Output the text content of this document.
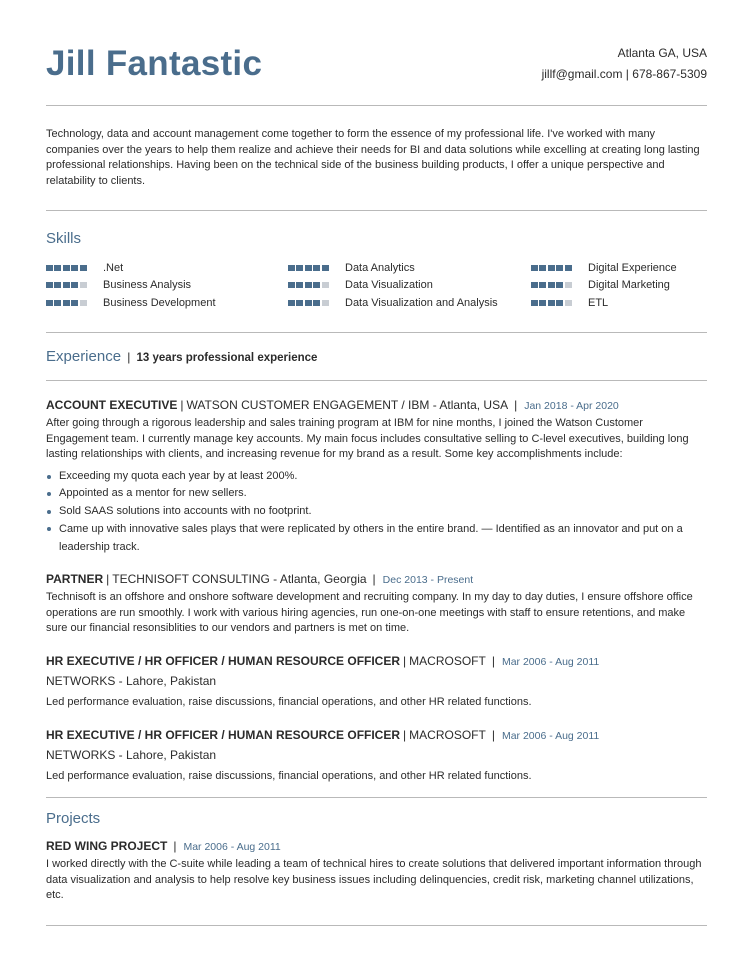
Jill Fantastic	Atlanta GA, USA
jillf@gmail.com | 678-867-5309
Technology, data and account management come together to form the essence of my professional life. I've worked with many companies over the years to help them realize and achieve their needs for BI and data solutions while excelling at creating long lasting professional relationships. Having been on the technical side of the business building products, I offer a unique perspective and relatability to clients.
Skills
.Net
Business Analysis
Business Development
Data Analytics
Data Visualization
Data Visualization and Analysis
Digital Experience
Digital Marketing
ETL
Experience | 13 years professional experience
ACCOUNT EXECUTIVE | WATSON CUSTOMER ENGAGEMENT / IBM - Atlanta, USA | Jan 2018 - Apr 2020
After going through a rigorous leadership and sales training program at IBM for nine months, I joined the Watson Customer Engagement team. I currently manage key accounts. My main focus includes consultative selling to C-level executives, building long lasting relationships with clients, and increasing revenue for my brand as a result. Some key accomplishments include:
Exceeding my quota each year by at least 200%.
Appointed as a mentor for new sellers.
Sold SAAS solutions into accounts with no footprint.
Came up with innovative sales plays that were replicated by others in the entire brand. — Identified as an innovator and put on a leadership track.
PARTNER | TECHNISOFT CONSULTING - Atlanta, Georgia | Dec 2013 - Present
Technisoft is an offshore and onshore software development and recruiting company. In my day to day duties, I ensure offshore office operations are run smoothly. I work with various hiring agencies, run one-on-one meetings with staff to ensure retentions, and make sure our financial resonsiblities to our vendors and partners is met on time.
HR EXECUTIVE / HR OFFICER / HUMAN RESOURCE OFFICER | MACROSOFT | Mar 2006 - Aug 2011
NETWORKS - Lahore, Pakistan
Led performance evaluation, raise discussions, financial operations, and other HR related functions.
HR EXECUTIVE / HR OFFICER / HUMAN RESOURCE OFFICER | MACROSOFT | Mar 2006 - Aug 2011
NETWORKS - Lahore, Pakistan
Led performance evaluation, raise discussions, financial operations, and other HR related functions.
Projects
RED WING PROJECT | Mar 2006 - Aug 2011
I worked directly with the C-suite while leading a team of technical hires to create solutions that delivered important information through data visualization and analysis to help resolve key business issues including delinquencies, credit risk, marketing channel utilizations, etc.
